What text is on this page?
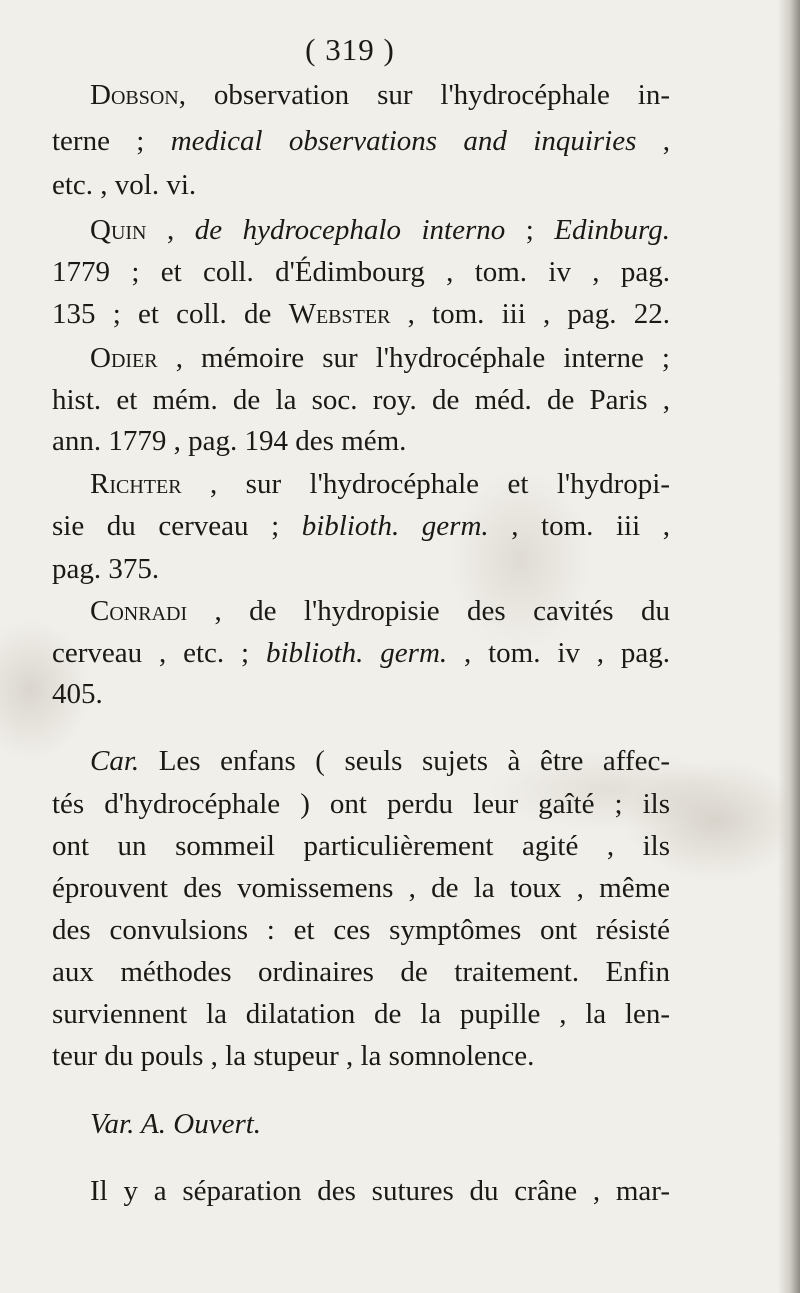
( 319 )
Dobson, observation sur l'hydrocéphale in-
terne ; medical observations and inquiries ,
etc. , vol. vi.
Quin , de hydrocephalo interno ; Edinburg.
1779 ; et coll. d'Édimbourg , tom. iv , pag.
135 ; et coll. de Webster , tom. iii , pag. 22.
Odier , mémoire sur l'hydrocéphale interne ;
hist. et mém. de la soc. roy. de méd. de Paris ,
ann. 1779 , pag. 194 des mém.
Richter , sur l'hydrocéphale et l'hydropi-
sie du cerveau ; biblioth. germ. , tom. iii ,
pag. 375.
Conradi , de l'hydropisie des cavités du
cerveau , etc. ; biblioth. germ. , tom. iv , pag.
405.
Car. Les enfans ( seuls sujets à être affec-
tés d'hydrocéphale ) ont perdu leur gaîté ; ils
ont un sommeil particulièrement agité , ils
éprouvent des vomissemens , de la toux , même
des convulsions : et ces symptômes ont résisté
aux méthodes ordinaires de traitement. Enfin
surviennent la dilatation de la pupille , la len-
teur du pouls , la stupeur , la somnolence.
Var. A. Ouvert.
Il y a séparation des sutures du crâne , mar-
